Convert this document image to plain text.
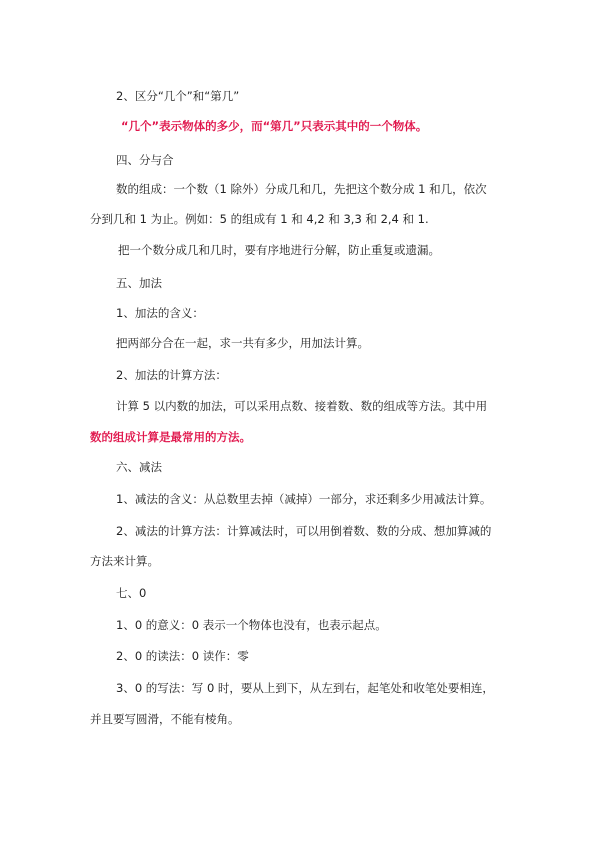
2、区分“几个”和“第几”
“几个”表示物体的多少，而“第几”只表示其中的一个物体。
四、分与合
数的组成：一个数（1 除外）分成几和几，先把这个数分成 1 和几，依次
分到几和 1 为止。例如：5 的组成有 1 和 4,2 和 3,3 和 2,4 和 1.
把一个数分成几和几时，要有序地进行分解，防止重复或遗漏。
五、加法
1、加法的含义：
把两部分合在一起，求一共有多少，用加法计算。
2、加法的计算方法：
计算 5 以内数的加法，可以采用点数、接着数、数的组成等方法。其中用
数的组成计算是最常用的方法。
六、减法
1、减法的含义：从总数里去掉（减掉）一部分，求还剩多少用减法计算。
2、减法的计算方法：计算减法时，可以用倒着数、数的分成、想加算减的
方法来计算。
七、0
1、0 的意义：0 表示一个物体也没有，也表示起点。
2、0 的读法：0 读作：零
3、0 的写法：写 0 时，要从上到下，从左到右，起笔处和收笔处要相连，
并且要写圆滑，不能有棱角。
